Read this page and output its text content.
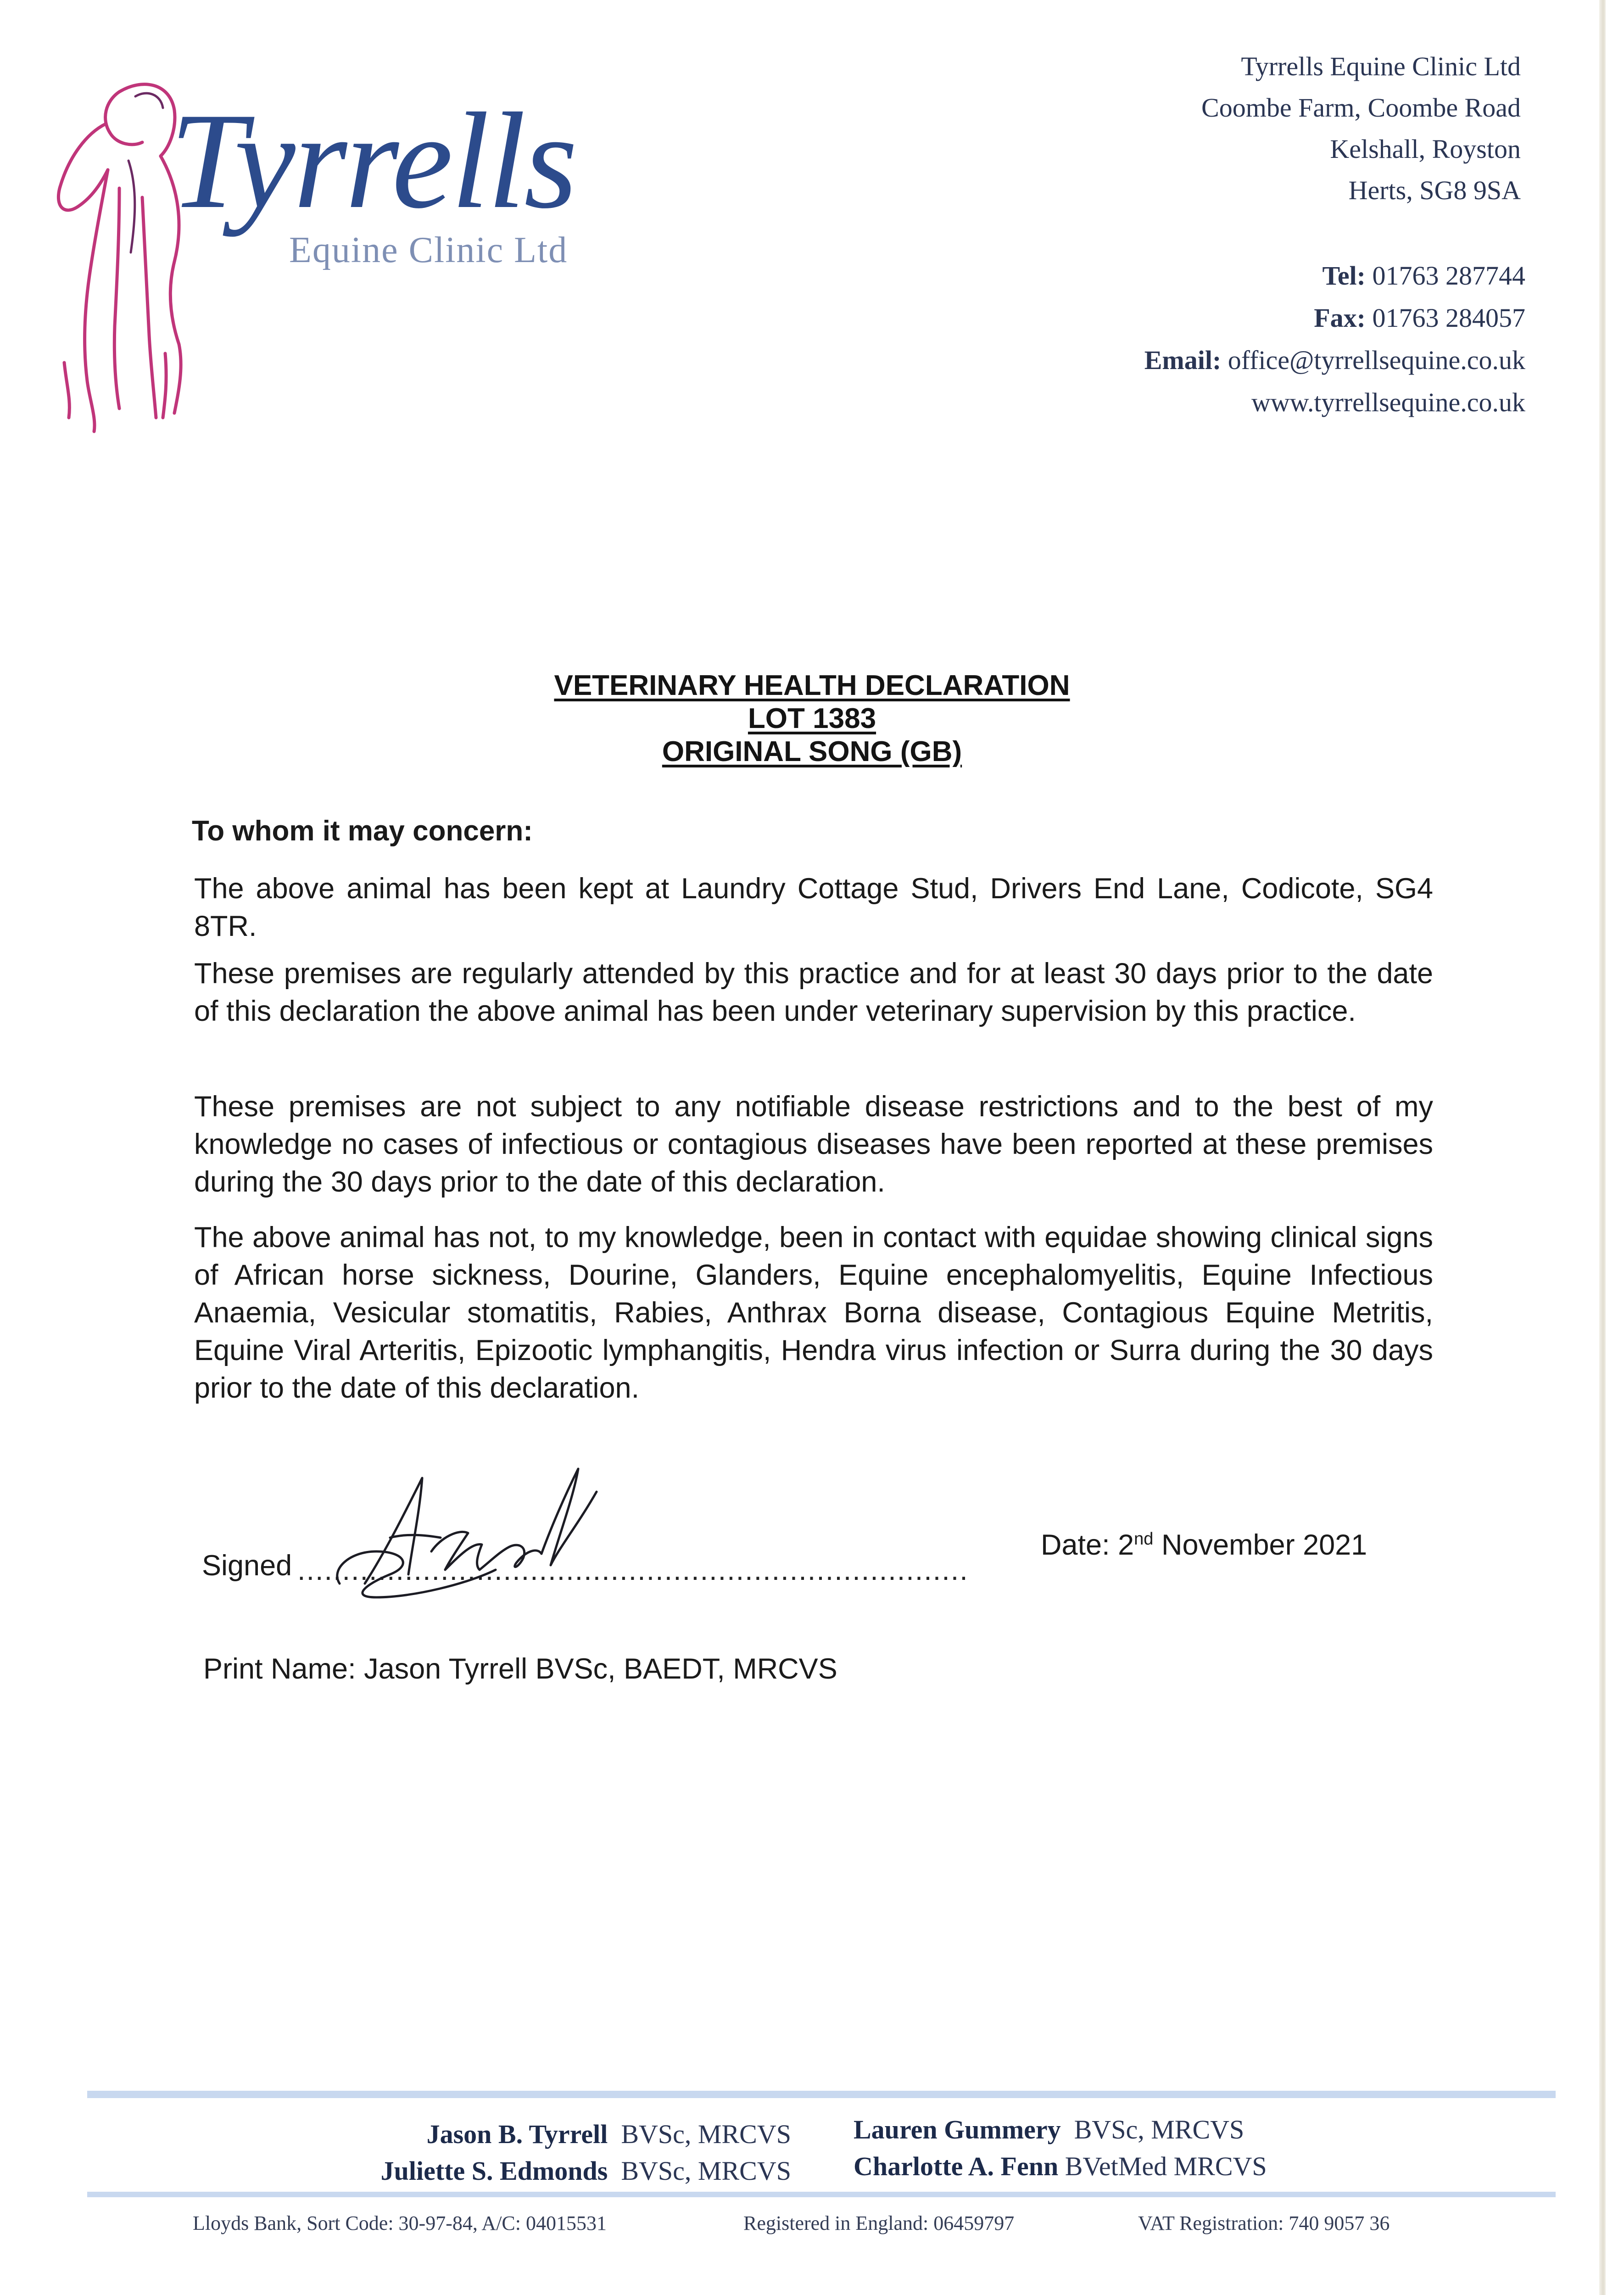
Tyrrells
Equine Clinic Ltd
Tyrrells Equine Clinic Ltd
Coombe Farm, Coombe Road
Kelshall, Royston
Herts, SG8 9SA
Tel: 01763 287744
Fax: 01763 284057
Email: office@tyrrellsequine.co.uk
www.tyrrellsequine.co.uk
VETERINARY HEALTH DECLARATION
LOT 1383
ORIGINAL SONG (GB)
To whom it may concern:
The above animal has been kept at Laundry Cottage Stud, Drivers End Lane, Codicote, SG4 8TR.
These premises are regularly attended by this practice and for at least 30 days prior to the date of this declaration the above animal has been under veterinary supervision by this practice.
These premises are not subject to any notifiable disease restrictions and to the best of my knowledge no cases of infectious or contagious diseases have been reported at these premises during the 30 days prior to the date of this declaration.
The above animal has not, to my knowledge, been in contact with equidae showing clinical signs of African horse sickness, Dourine, Glanders, Equine encephalomyelitis, Equine Infectious Anaemia, Vesicular stomatitis, Rabies, Anthrax Borna disease, Contagious Equine Metritis, Equine Viral Arteritis, Epizootic lymphangitis, Hendra virus infection or Surra during the 30 days prior to the date of this declaration.
Signed ...........................................................................
Date: 2nd November 2021
Print Name: Jason Tyrrell BVSc, BAEDT, MRCVS
Jason B. Tyrrell BVSc, MRCVS
Juliette S. Edmonds BVSc, MRCVS
Lauren Gummery BVSc, MRCVS
Charlotte A. Fenn BVetMed MRCVS
Lloyds Bank, Sort Code: 30-97-84, A/C: 04015531	Registered in England: 06459797	VAT Registration: 740 9057 36
